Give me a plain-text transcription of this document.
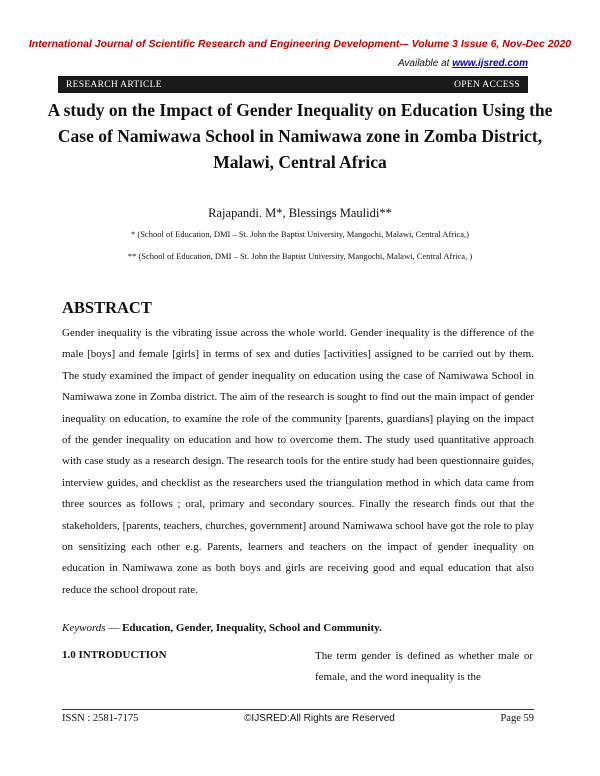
International Journal of Scientific Research and Engineering Development-– Volume 3 Issue 6, Nov-Dec 2020
Available at www.ijsred.com
RESEARCH ARTICLE	OPEN ACCESS
A study on the Impact of Gender Inequality on Education Using the Case of Namiwawa School in Namiwawa zone in Zomba District, Malawi, Central Africa
Rajapandi. M*, Blessings Maulidi**
* (School of Education, DMI – St. John the Baptist University, Mangochi, Malawi, Central Africa,)
** (School of Education, DMI – St. John the Baptist University, Mangochi, Malawi, Central Africa, )
ABSTRACT

Gender inequality is the vibrating issue across the whole world. Gender inequality is the difference of the male [boys] and female [girls] in terms of sex and duties [activities] assigned to be carried out by them. The study examined the impact of gender inequality on education using the case of Namiwawa School in Namiwawa zone in Zomba district. The aim of the research is sought to find out the main impact of gender inequality on education, to examine the role of the community [parents, guardians] playing on the impact of the gender inequality on education and how to overcome them. The study used quantitative approach with case study as a research design. The research tools for the entire study had been questionnaire guides, interview guides, and checklist as the researchers used the triangulation method in which data came from three sources as follows ; oral, primary and secondary sources. Finally the research finds out that the stakeholders, [parents, teachers, churches, government] around Namiwawa school have got the role to play on sensitizing each other e.g. Parents, learners and teachers on the impact of gender inequality on education in Namiwawa zone as both boys and girls are receiving good and equal education that also reduce the school dropout rate.

Keywords — Education, Gender, Inequality, School and Community.
1.0 INTRODUCTION	The term gender is defined as whether male or female, and the word inequality is the

ISSN : 2581-7175	©IJSRED:All Rights are Reserved	Page 59
